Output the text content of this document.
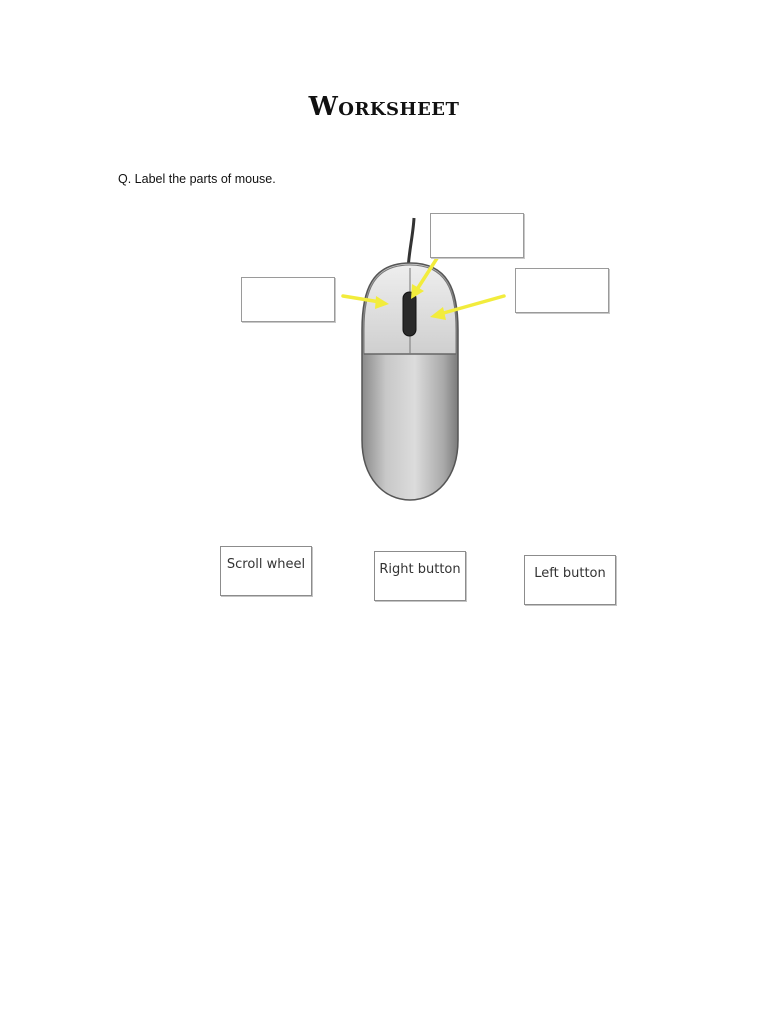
Worksheet
Q. Label the parts of mouse.
Scroll wheel	Right button	Left button
